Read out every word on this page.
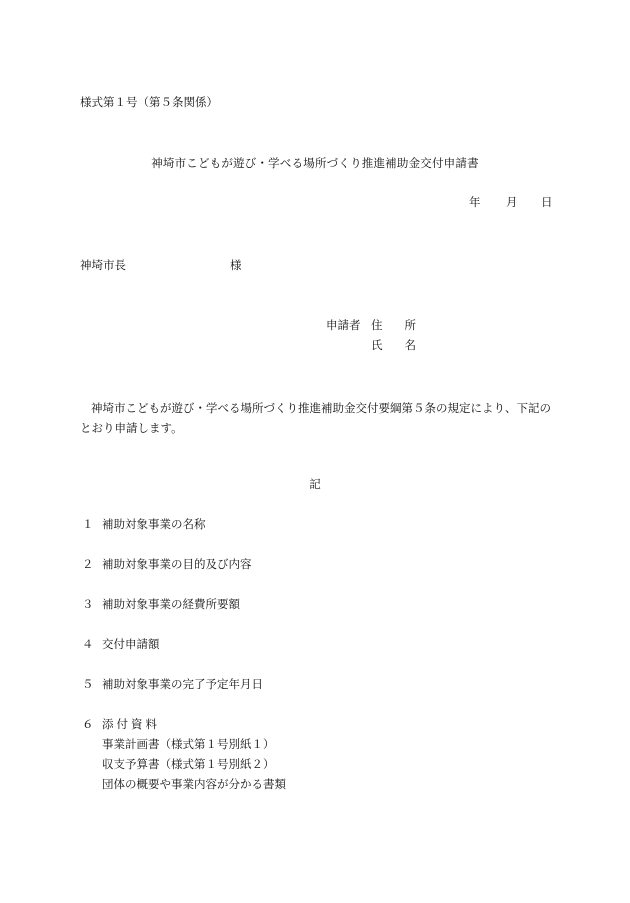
様式第１号（第５条関係）
神埼市こどもが遊び・学べる場所づくり推進補助金交付申請書
年 月 日
神埼市長	様
申請者 住所
氏名
神埼市こどもが遊び・学べる場所づくり推進補助金交付要綱第５条の規定により、下記のとおり申請します。
記
１ 補助対象事業の名称
２ 補助対象事業の目的及び内容
３ 補助対象事業の経費所要額
４ 交付申請額
５ 補助対象事業の完了予定年月日
６ 添付資料
事業計画書（様式第１号別紙１）
収支予算書（様式第１号別紙２）
団体の概要や事業内容が分かる書類
